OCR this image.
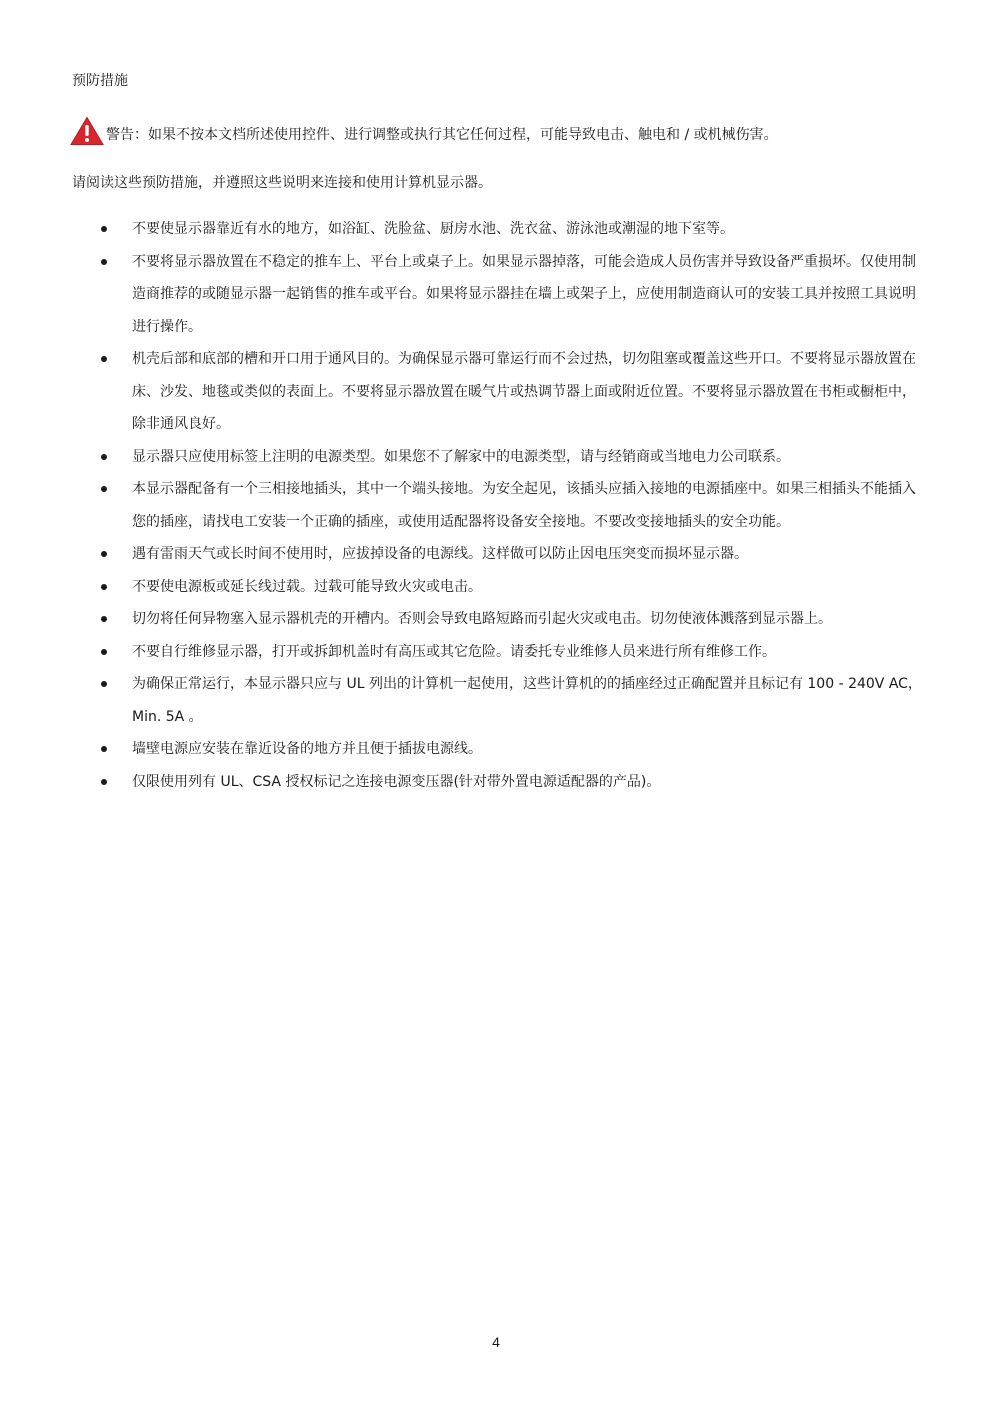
预防措施
警告：如果不按本文档所述使用控件、进行调整或执行其它任何过程，可能导致电击、触电和 / 或机械伤害。
请阅读这些预防措施，并遵照这些说明来连接和使用计算机显示器。
不要使显示器靠近有水的地方，如浴缸、洗脸盆、厨房水池、洗衣盆、游泳池或潮湿的地下室等。
不要将显示器放置在不稳定的推车上、平台上或桌子上。如果显示器掉落，可能会造成人员伤害并导致设备严重损坏。仅使用制造商推荐的或随显示器一起销售的推车或平台。如果将显示器挂在墙上或架子上，应使用制造商认可的安装工具并按照工具说明进行操作。
机壳后部和底部的槽和开口用于通风目的。为确保显示器可靠运行而不会过热，切勿阻塞或覆盖这些开口。不要将显示器放置在床、沙发、地毯或类似的表面上。不要将显示器放置在暖气片或热调节器上面或附近位置。不要将显示器放置在书柜或橱柜中，除非通风良好。
显示器只应使用标签上注明的电源类型。如果您不了解家中的电源类型，请与经销商或当地电力公司联系。
本显示器配备有一个三相接地插头，其中一个端头接地。为安全起见，该插头应插入接地的电源插座中。如果三相插头不能插入您的插座，请找电工安装一个正确的插座，或使用适配器将设备安全接地。不要改变接地插头的安全功能。
遇有雷雨天气或长时间不使用时，应拔掉设备的电源线。这样做可以防止因电压突变而损坏显示器。
不要使电源板或延长线过载。过载可能导致火灾或电击。
切勿将任何异物塞入显示器机壳的开槽内。否则会导致电路短路而引起火灾或电击。切勿使液体溅落到显示器上。
不要自行维修显示器，打开或拆卸机盖时有高压或其它危险。请委托专业维修人员来进行所有维修工作。
为确保正常运行，本显示器只应与 UL 列出的计算机一起使用，这些计算机的的插座经过正确配置并且标记有 100 - 240V AC， Min. 5A 。
墙壁电源应安装在靠近设备的地方并且便于插拔电源线。
仅限使用列有 UL、CSA 授权标记之连接电源变压器(针对带外置电源适配器的产品)。
4
